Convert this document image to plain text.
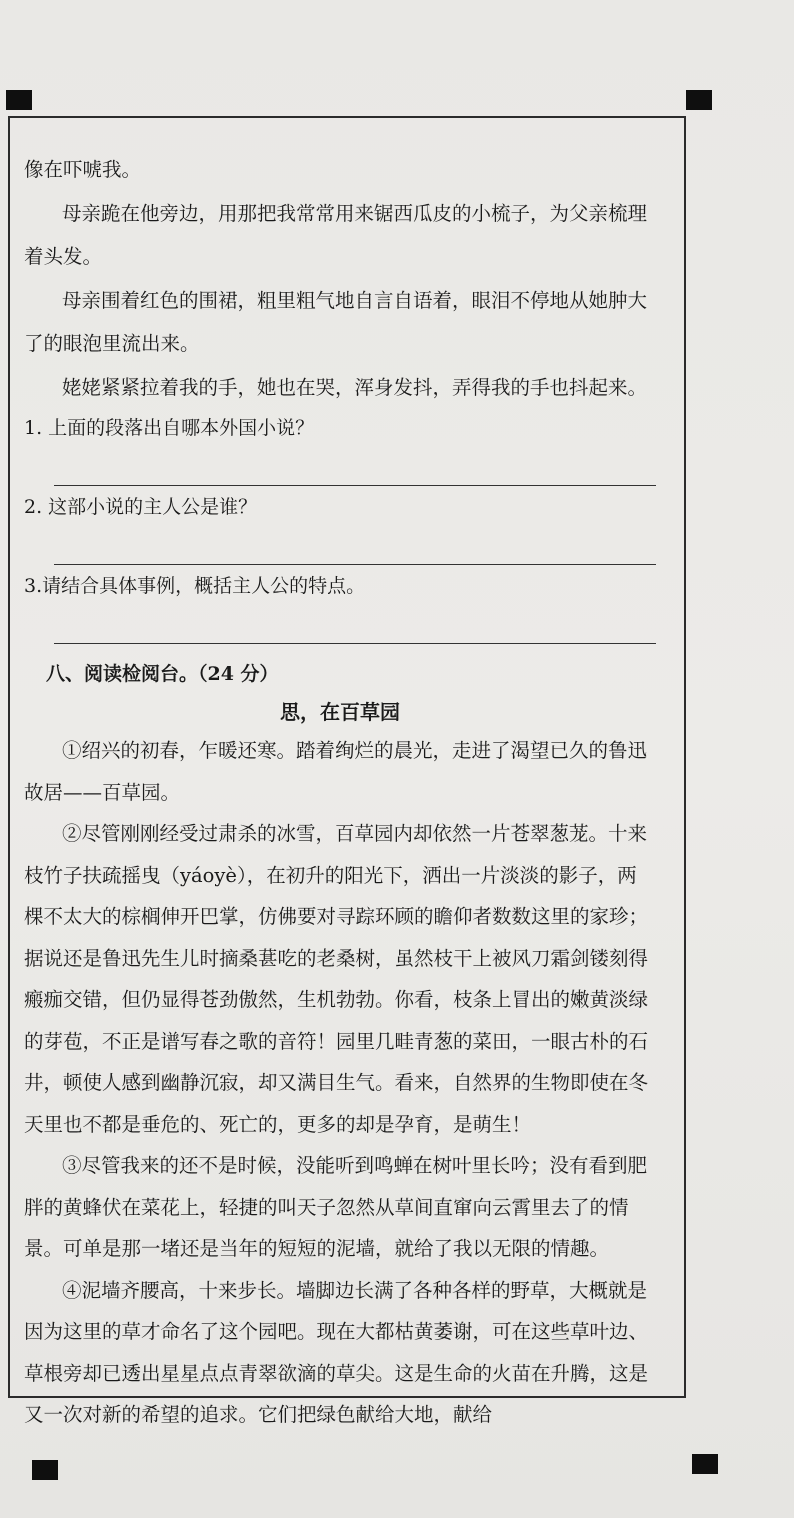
像在吓唬我。

母亲跪在他旁边，用那把我常常用来锯西瓜皮的小梳子，为父亲梳理着头发。

母亲围着红色的围裙，粗里粗气地自言自语着，眼泪不停地从她肿大了的眼泡里流出来。

姥姥紧紧拉着我的手，她也在哭，浑身发抖，弄得我的手也抖起来。

1. 上面的段落出自哪本外国小说？

2. 这部小说的主人公是谁？

3.请结合具体事例，概括主人公的特点。

八、阅读检阅台。（24 分）

思，在百草园

①绍兴的初春，乍暖还寒。踏着绚烂的晨光，走进了渴望已久的鲁迅故居——百草园。

②尽管刚刚经受过肃杀的冰雪，百草园内却依然一片苍翠葱茏。十来枝竹子扶疏摇曳（yáoyè），在初升的阳光下，洒出一片淡淡的影子，两棵不太大的棕榈伸开巴掌，仿佛要对寻踪环顾的瞻仰者数数这里的家珍；据说还是鲁迅先生儿时摘桑葚吃的老桑树，虽然枝干上被风刀霜剑镂刻得瘢痂交错，但仍显得苍劲傲然，生机勃勃。你看，枝条上冒出的嫩黄淡绿的芽苞，不正是谱写春之歌的音符！园里几畦青葱的菜田，一眼古朴的石井，顿使人感到幽静沉寂，却又满目生气。看来，自然界的生物即使在冬天里也不都是垂危的、死亡的，更多的却是孕育，是萌生！

③尽管我来的还不是时候，没能听到鸣蝉在树叶里长吟；没有看到肥胖的黄蜂伏在菜花上，轻捷的叫天子忽然从草间直窜向云霄里去了的情景。可单是那一堵还是当年的短短的泥墙，就给了我以无限的情趣。

④泥墙齐腰高，十来步长。墙脚边长满了各种各样的野草，大概就是因为这里的草才命名了这个园吧。现在大都枯黄萎谢，可在这些草叶边、草根旁却已透出星星点点青翠欲滴的草尖。这是生命的火苗在升腾，这是又一次对新的希望的追求。它们把绿色献给大地，献给
